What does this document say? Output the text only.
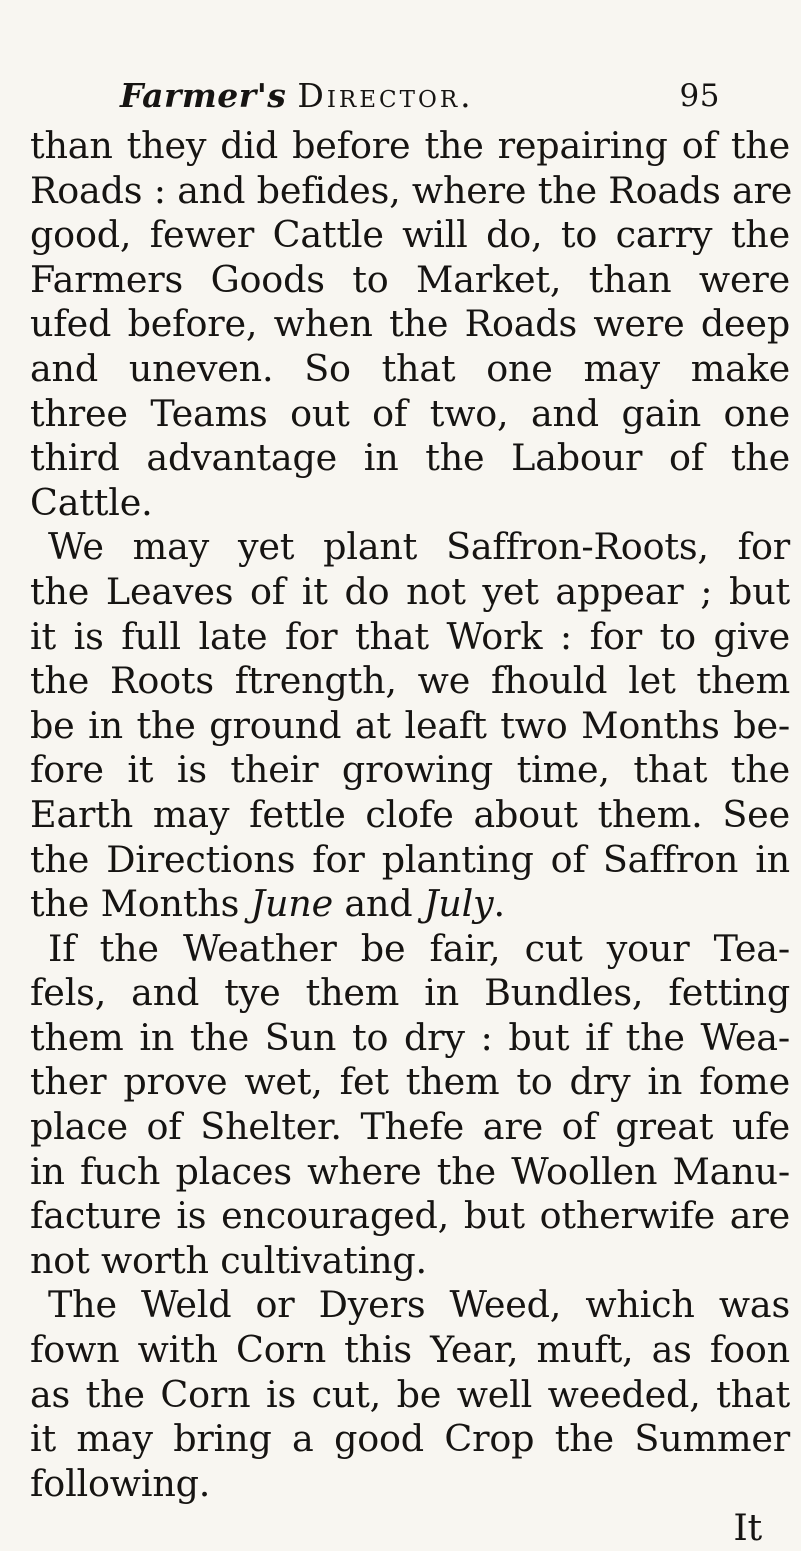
Farmer's Director.	95
than they did before the repairing of the
Roads : and befides, where the Roads are
good, fewer Cattle will do, to carry the
Farmers Goods to Market, than were
ufed before, when the Roads were deep
and uneven. So that one may make
three Teams out of two, and gain one
third advantage in the Labour of the
Cattle.
We may yet plant Saffron-Roots, for
the Leaves of it do not yet appear ; but
it is full late for that Work : for to give
the Roots ftrength, we fhould let them
be in the ground at leaft two Months be-
fore it is their growing time, that the
Earth may fettle clofe about them. See
the Directions for planting of Saffron in
the Months June and July.
If the Weather be fair, cut your Tea-
fels, and tye them in Bundles, fetting
them in the Sun to dry : but if the Wea-
ther prove wet, fet them to dry in fome
place of Shelter. Thefe are of great ufe
in fuch places where the Woollen Manu-
facture is encouraged, but otherwife are
not worth cultivating.
The Weld or Dyers Weed, which was
fown with Corn this Year, muft, as foon
as the Corn is cut, be well weeded, that
it may bring a good Crop the Summer
following.
It
